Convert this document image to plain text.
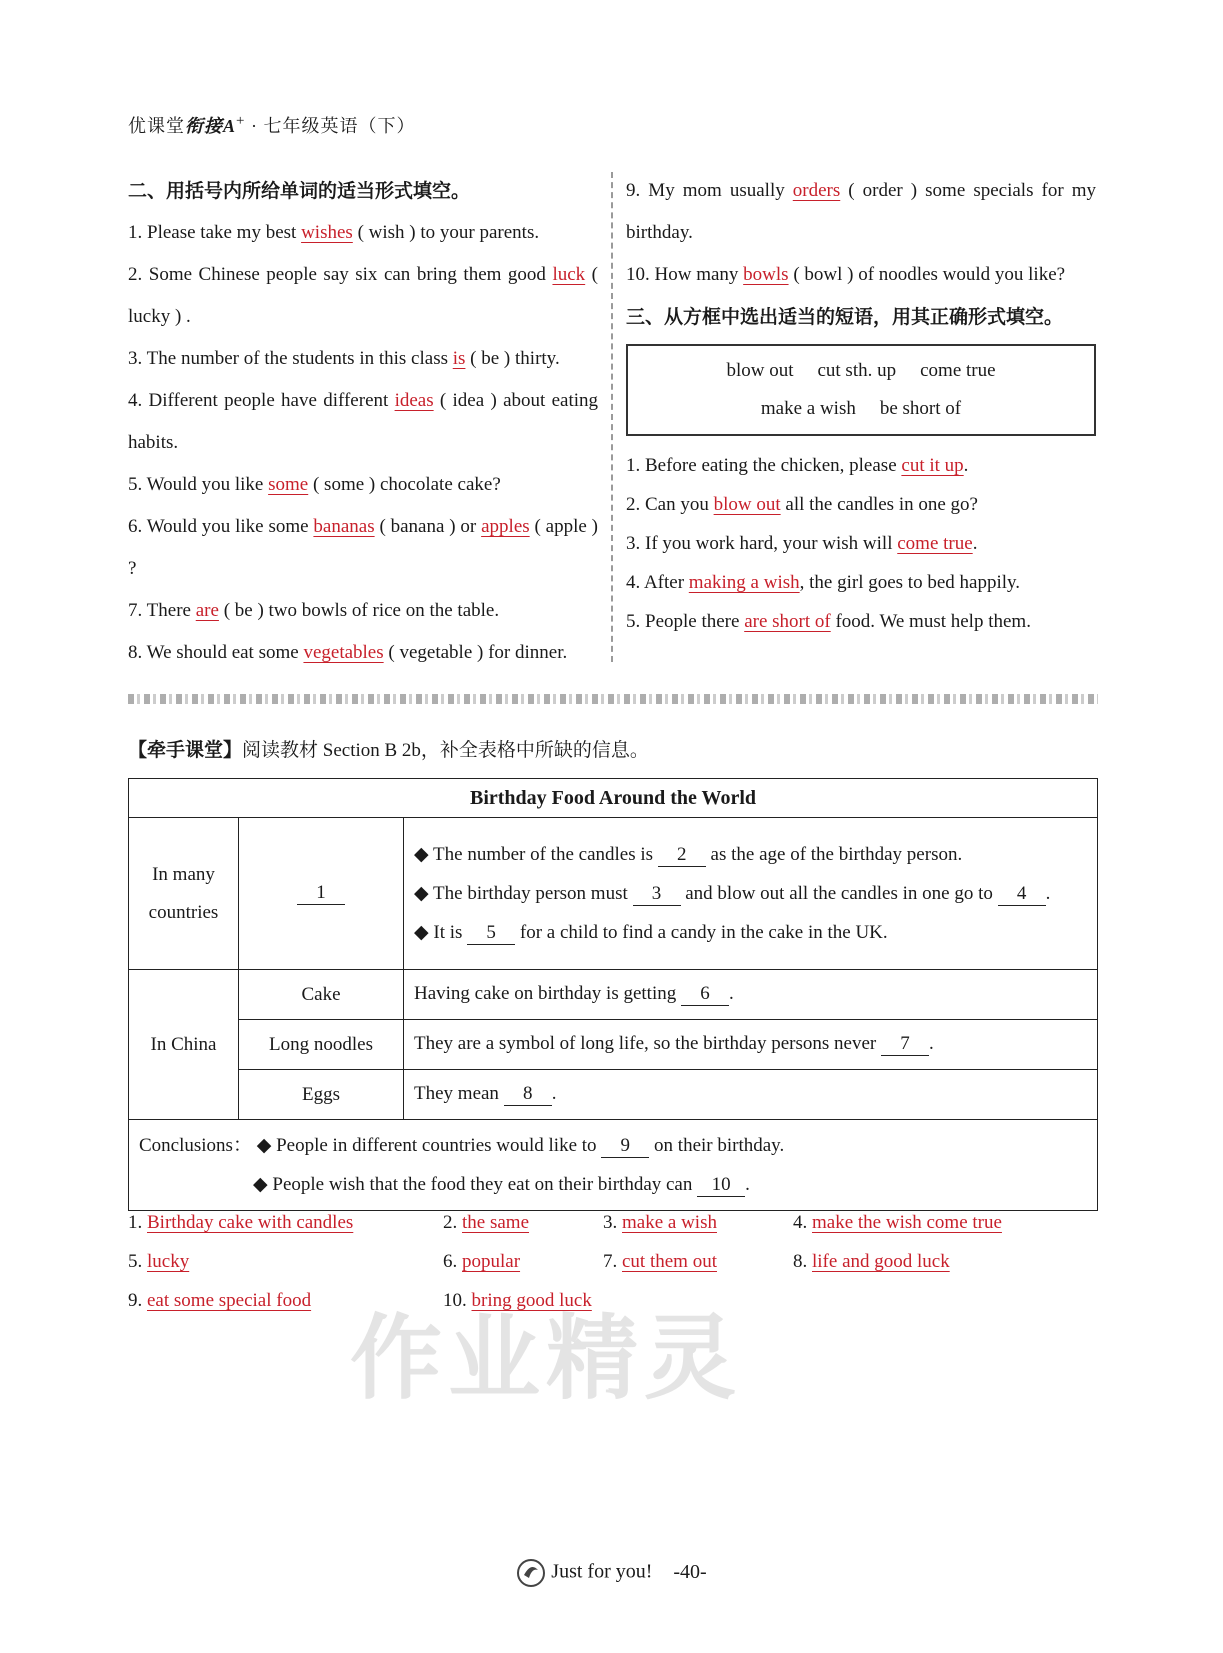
优课堂衔接A+ · 七年级英语（下）
二、用括号内所给单词的适当形式填空。
1. Please take my best wishes ( wish ) to your parents.
2. Some Chinese people say six can bring them good luck ( lucky ) .
3. The number of the students in this class is ( be ) thirty.
4. Different people have different ideas ( idea ) about eating habits.
5. Would you like some ( some ) chocolate cake?
6. Would you like some bananas ( banana ) or apples ( apple ) ?
7. There are ( be ) two bowls of rice on the table.
8. We should eat some vegetables ( vegetable ) for dinner.
9. My mom usually orders ( order ) some specials for my birthday.
10. How many bowls ( bowl ) of noodles would you like?
三、从方框中选出适当的短语，用其正确形式填空。
blow out cut sth. up come true
make a wish be short of
1. Before eating the chicken, please cut it up.
2. Can you blow out all the candles in one go?
3. If you work hard, your wish will come true.
4. After making a wish, the girl goes to bed happily.
5. People there are short of food. We must help them.
【牵手课堂】阅读教材 Section B 2b，补全表格中所缺的信息。
Birthday Food Around the World		
In many countries	1	◆ The number of the candles is 2 as the age of the birthday person.
◆ The birthday person must 3 and blow out all the candles in one go to 4 .
◆ It is 5 for a child to find a candy in the cake in the UK.

In China	Cake	Having cake on birthday is getting 6 .
	Long noodles	They are a symbol of long life, so the birthday persons never 7 .
	Eggs	They mean 8 .

Conclusions： ◆ People in different countries would like to 9 on their birthday.
◆ People wish that the food they eat on their birthday can 10 .		
1. Birthday cake with candles	2. the same	3. make a wish	4. make the wish come true
5. lucky	6. popular	7. cut them out	8. life and good luck
9. eat some special food	10. bring good luck
作业精灵
Just for you! -40-
